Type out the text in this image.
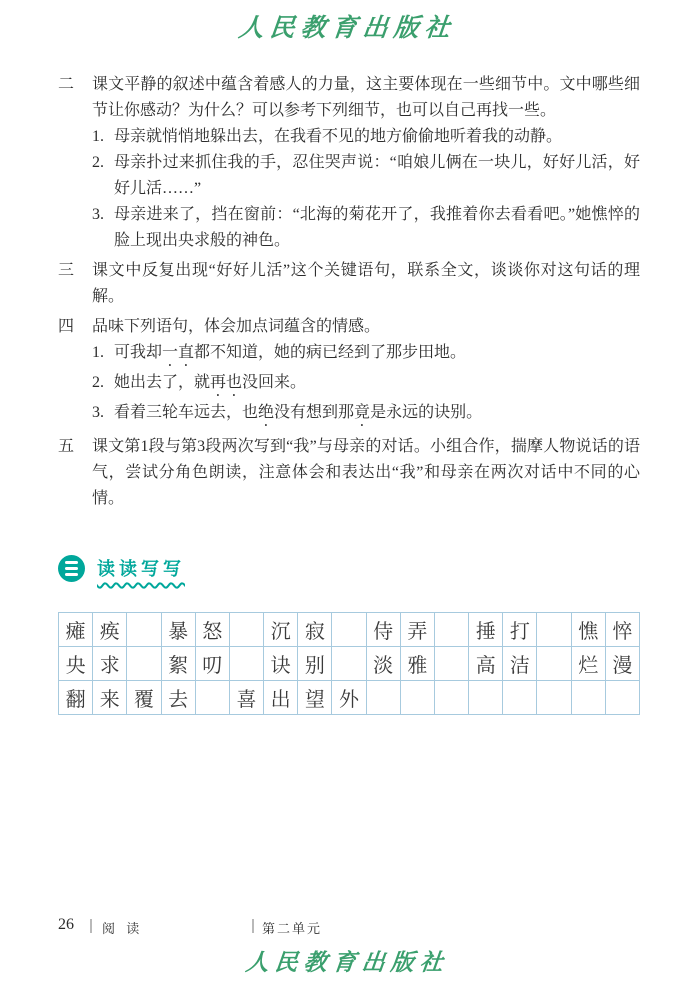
人民教育出版社
二	课文平静的叙述中蕴含着感人的力量，这主要体现在一些细节中。文中哪些细节让你感动？为什么？可以参考下列细节，也可以自己再找一些。

1. 母亲就悄悄地躲出去，在我看不见的地方偷偷地听着我的动静。
2. 母亲扑过来抓住我的手，忍住哭声说：“咱娘儿俩在一块儿，好好儿活，好好儿活……”
3. 母亲进来了，挡在窗前：“北海的菊花开了，我推着你去看看吧。”她憔悴的脸上现出央求般的神色。
三	课文中反复出现“好好儿活”这个关键语句，联系全文，谈谈你对这句话的理解。

四	品味下列语句，体会加点词蕴含的情感。

1. 可我却一直都不知道，她的病已经到了那步田地。
2. 她出去了，就再也没回来。
3. 看着三轮车远去，也绝没有想到那竟是永远的诀别。
五	课文第1段与第3段两次写到“我”与母亲的对话。小组合作，揣摩人物说话的语气，尝试分角色朗读，注意体会和表达出“我”和母亲在两次对话中不同的心情。

读读写写
瘫 痪	暴 怒	沉 寂	侍 弄	捶 打	憔 悴
央 求	絮 叨	诀 别	淡 雅	高 洁	烂 漫
翻 来 覆 去	喜 出 望 外
26 阅 读	第二单元
人民教育出版社
